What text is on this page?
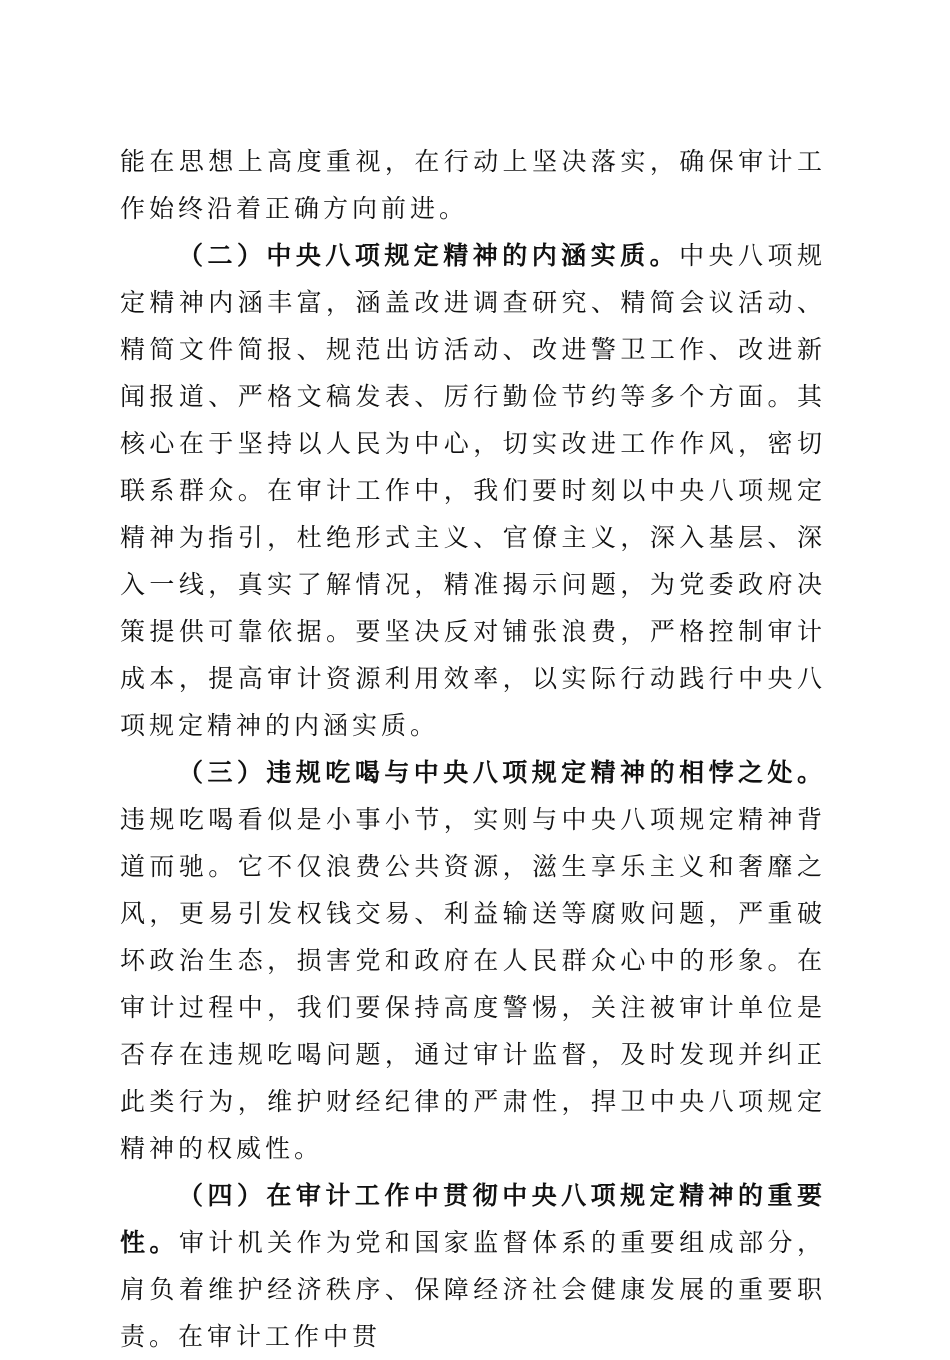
能在思想上高度重视，在行动上坚决落实，确保审计工作始终沿着正确方向前进。

（二）中央八项规定精神的内涵实质。中央八项规定精神内涵丰富，涵盖改进调查研究、精简会议活动、精简文件简报、规范出访活动、改进警卫工作、改进新闻报道、严格文稿发表、厉行勤俭节约等多个方面。其核心在于坚持以人民为中心，切实改进工作作风，密切联系群众。在审计工作中，我们要时刻以中央八项规定精神为指引，杜绝形式主义、官僚主义，深入基层、深入一线，真实了解情况，精准揭示问题，为党委政府决策提供可靠依据。要坚决反对铺张浪费，严格控制审计成本，提高审计资源利用效率，以实际行动践行中央八项规定精神的内涵实质。

（三）违规吃喝与中央八项规定精神的相悖之处。违规吃喝看似是小事小节，实则与中央八项规定精神背道而驰。它不仅浪费公共资源，滋生享乐主义和奢靡之风，更易引发权钱交易、利益输送等腐败问题，严重破坏政治生态，损害党和政府在人民群众心中的形象。在审计过程中，我们要保持高度警惕，关注被审计单位是否存在违规吃喝问题，通过审计监督，及时发现并纠正此类行为，维护财经纪律的严肃性，捍卫中央八项规定精神的权威性。

（四）在审计工作中贯彻中央八项规定精神的重要性。审计机关作为党和国家监督体系的重要组成部分，肩负着维护经济秩序、保障经济社会健康发展的重要职责。在审计工作中贯
